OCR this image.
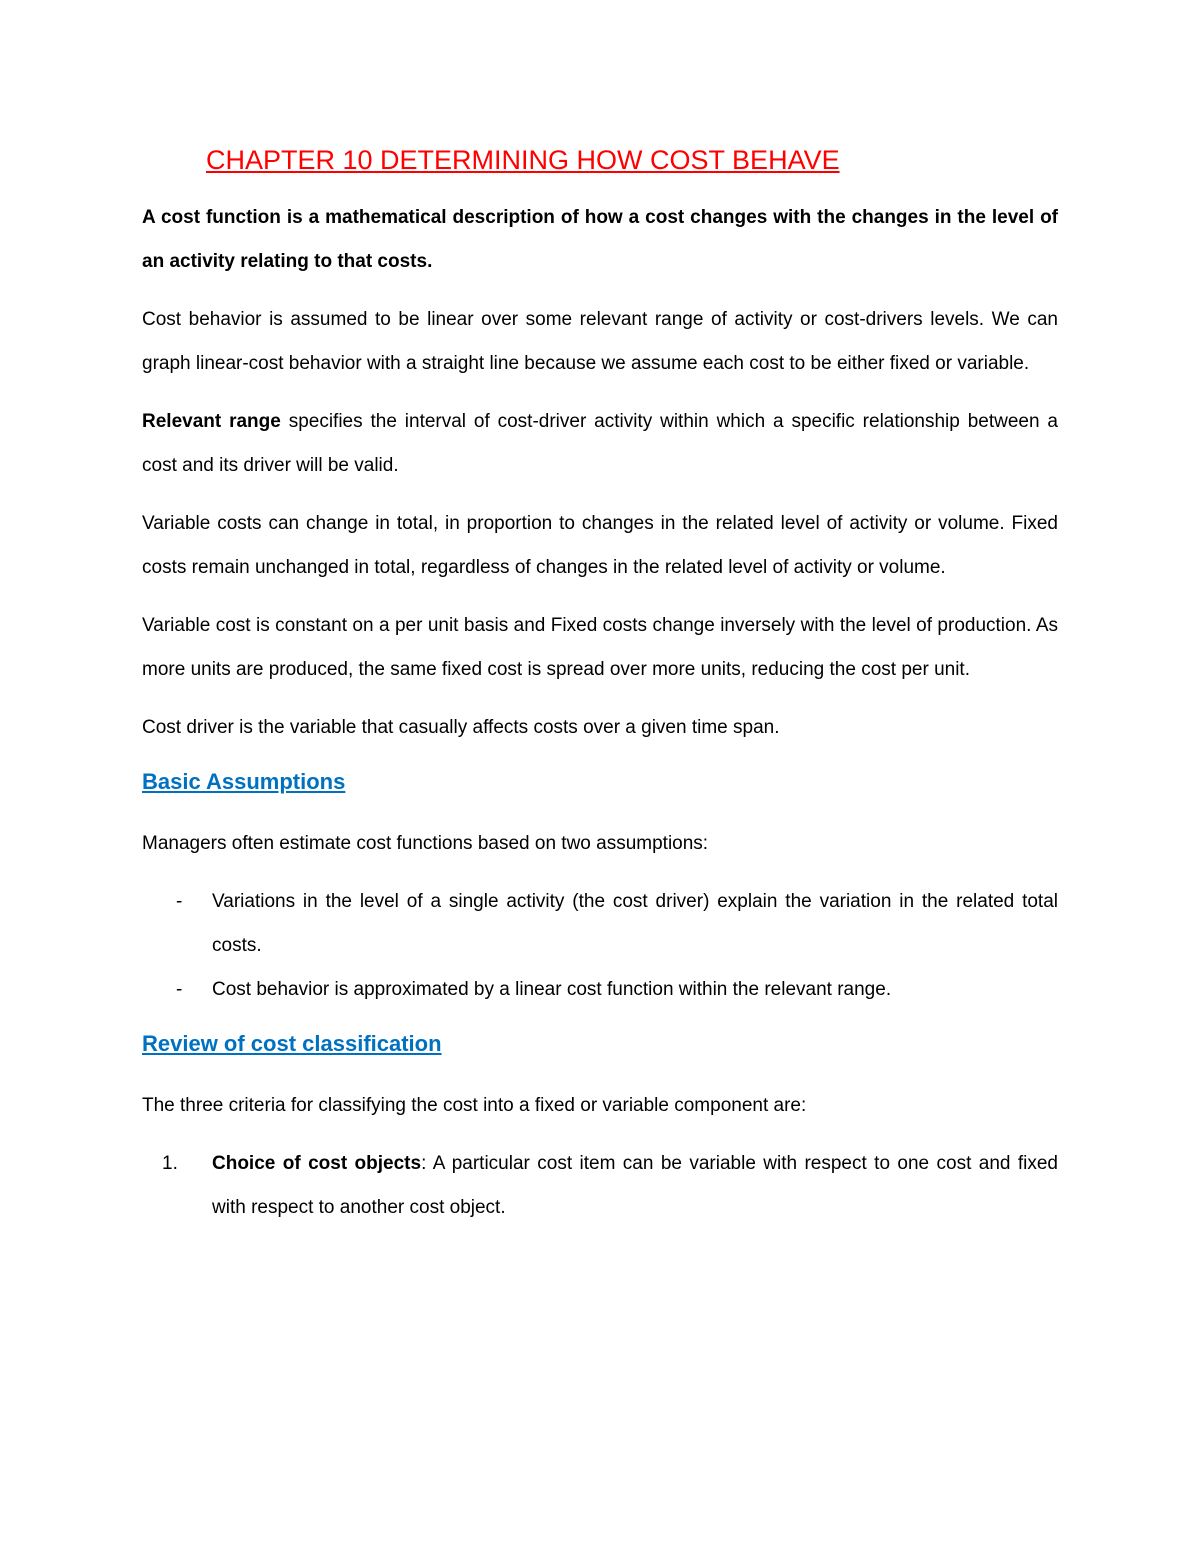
CHAPTER 10 DETERMINING HOW COST BEHAVE

A cost function is a mathematical description of how a cost changes with the changes in the level of an activity relating to that costs.

Cost behavior is assumed to be linear over some relevant range of activity or cost-drivers levels. We can graph linear-cost behavior with a straight line because we assume each cost to be either fixed or variable.

Relevant range specifies the interval of cost-driver activity within which a specific relationship between a cost and its driver will be valid.

Variable costs can change in total, in proportion to changes in the related level of activity or volume. Fixed costs remain unchanged in total, regardless of changes in the related level of activity or volume.

Variable cost is constant on a per unit basis and Fixed costs change inversely with the level of production. As more units are produced, the same fixed cost is spread over more units, reducing the cost per unit.

Cost driver is the variable that casually affects costs over a given time span.

Basic Assumptions

Managers often estimate cost functions based on two assumptions:

- Variations in the level of a single activity (the cost driver) explain the variation in the related total costs.
- Cost behavior is approximated by a linear cost function within the relevant range.
Review of cost classification

The three criteria for classifying the cost into a fixed or variable component are:

1. Choice of cost objects: A particular cost item can be variable with respect to one cost and fixed with respect to another cost object.
